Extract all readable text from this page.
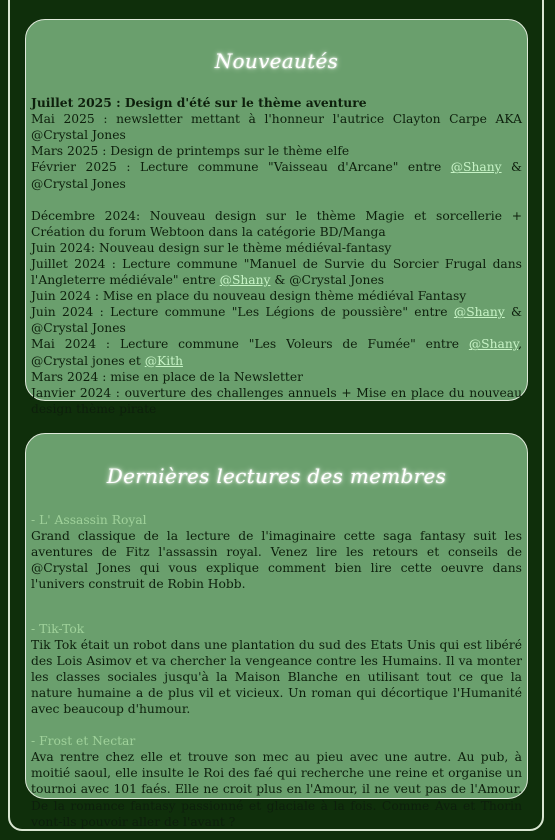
Nouveautés
Juillet 2025 : Design d'été sur le thème aventure
Mai 2025 : newsletter mettant à l'honneur l'autrice Clayton Carpe AKA @Crystal Jones
Mars 2025 : Design de printemps sur le thème elfe
Février 2025 : Lecture commune "Vaisseau d'Arcane" entre @Shany & @Crystal Jones
Décembre 2024: Nouveau design sur le thème Magie et sorcellerie + Création du forum Webtoon dans la catégorie BD/Manga
Juin 2024: Nouveau design sur le thème médiéval-fantasy
Juillet 2024 : Lecture commune "Manuel de Survie du Sorcier Frugal dans l'Angleterre médiévale" entre @Shany & @Crystal Jones
Juin 2024 : Mise en place du nouveau design thème médiéval Fantasy
Juin 2024 : Lecture commune "Les Légions de poussière" entre @Shany & @Crystal Jones
Mai 2024 : Lecture commune "Les Voleurs de Fumée" entre @Shany, @Crystal jones et @Kith
Mars 2024 : mise en place de la Newsletter
Janvier 2024 : ouverture des challenges annuels + Mise en place du nouveau design thème pirate
Dernières lectures des membres
- L' Assassin Royal
Grand classique de la lecture de l'imaginaire cette saga fantasy suit les aventures de Fitz l'assassin royal. Venez lire les retours et conseils de @Crystal Jones qui vous explique comment bien lire cette oeuvre dans l'univers construit de Robin Hobb.
- Tik-Tok
Tik Tok était un robot dans une plantation du sud des Etats Unis qui est libéré des Lois Asimov et va chercher la vengeance contre les Humains. Il va monter les classes sociales jusqu'à la Maison Blanche en utilisant tout ce que la nature humaine a de plus vil et vicieux. Un roman qui décortique l'Humanité avec beaucoup d'humour.
- Frost et Nectar
Ava rentre chez elle et trouve son mec au pieu avec une autre. Au pub, à moitié saoul, elle insulte le Roi des faé qui recherche une reine et organise un tournoi avec 101 faés. Elle ne croit plus en l'Amour, il ne veut pas de l'Amour. De la romance fantasy passionné et glaciale à la fois. Comme Ava et Thorin vont-ils pouvoir aller de l'avant ?
